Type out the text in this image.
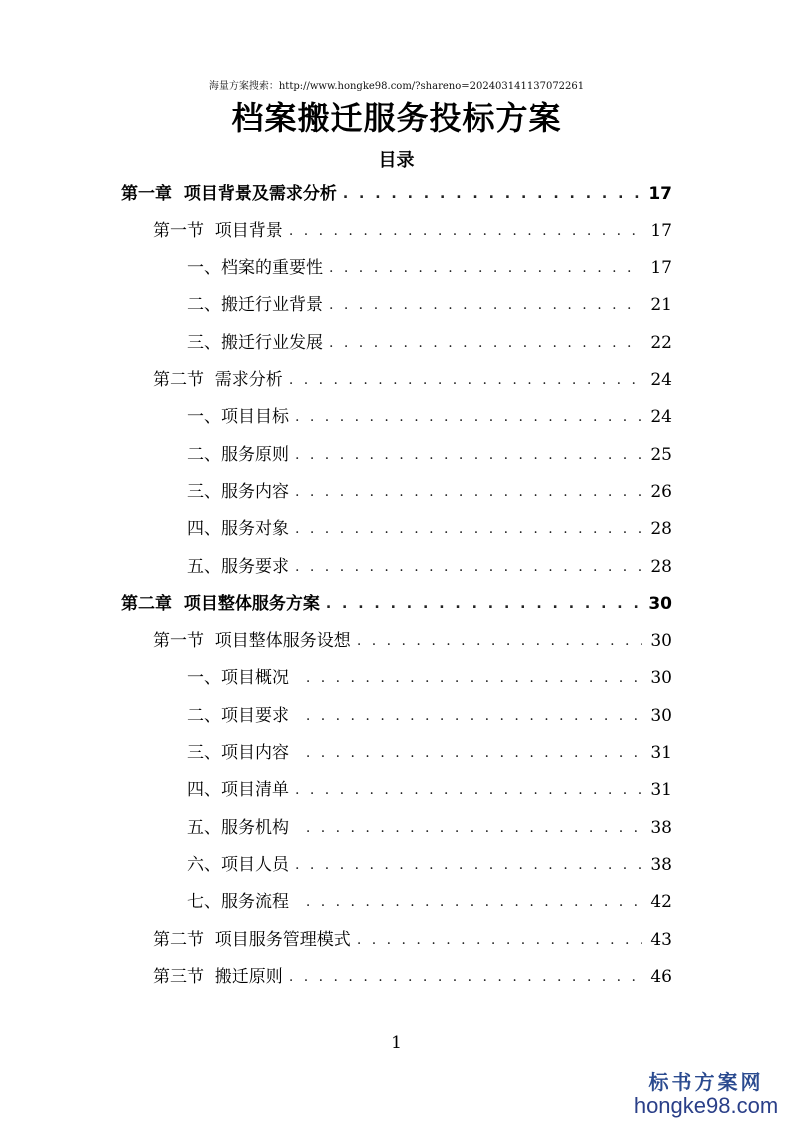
海量方案搜索：http://www.hongke98.com/?shareno=2024031411370722​61
档案搬迁服务投标方案
目录
第一章  项目背景及需求分析 . . .	17
第一节  项目背景 . . .	17
一、档案的重要性 . . .	17
二、搬迁行业背景 . . .	21
三、搬迁行业发展 . . .	22
第二节  需求分析 . . .	24
一、项目目标 . . .	24
二、服务原则 . . .	25
三、服务内容 . . .	26
四、服务对象 . . .	28
五、服务要求 . . .	28
第二章  项目整体服务方案 . . .	30
第一节  项目整体服务设想 . . .	30
一、项目概况 . . .	30
二、项目要求 . . .	30
三、项目内容 . . .	31
四、项目清单 . . .	31
五、服务机构 . . .	38
六、项目人员 . . .	38
七、服务流程 . . .	42
第二节  项目服务管理模式 . . .	43
第三节  搬迁原则 . . .	46
1
标书方案网
hongke98.com
